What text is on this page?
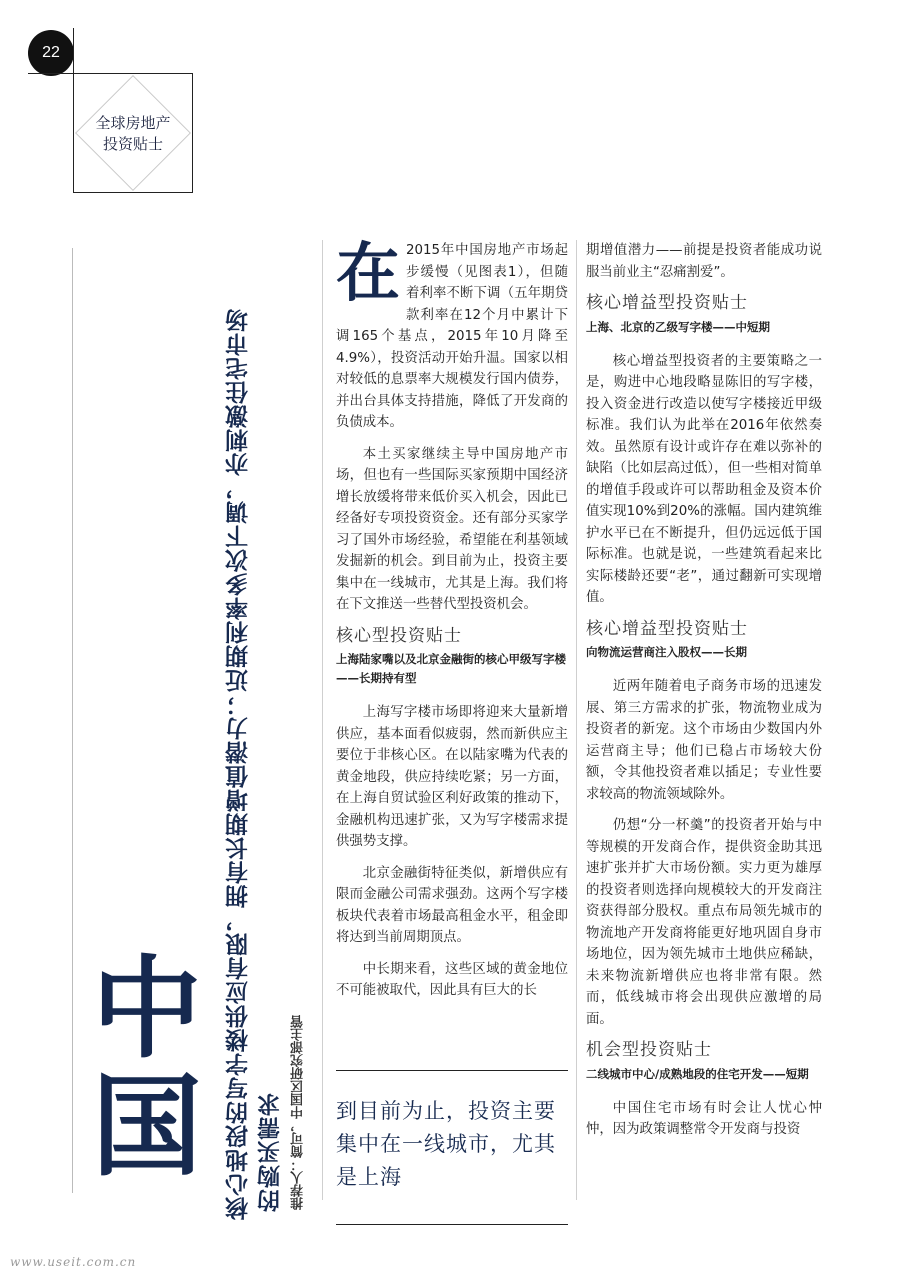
22
全球房地产
投资贴士
中国 核心地段的写字楼供应有限，拥有长期增值潜力；近期利率多次下调，亦刺激住宅市场 的购买需求 推荐人：简可，中国区研究部主管

在 2015年中国房地产市场起步缓慢（见图表1），但随着利率不断下调（五年期贷款利率在12个月中累计下调165个基点，2015年10月降至4.9%），投资活动开始升温。国家以相对较低的息票率大规模发行国内债券，并出台具体支持措施，降低了开发商的负债成本。

本土买家继续主导中国房地产市场，但也有一些国际买家预期中国经济增长放缓将带来低价买入机会，因此已经备好专项投资资金。还有部分买家学习了国外市场经验，希望能在利基领域发掘新的机会。到目前为止，投资主要集中在一线城市，尤其是上海。我们将在下文推送一些替代型投资机会。

核心型投资贴士
上海陆家嘴以及北京金融街的核心甲级写字楼——长期持有型

上海写字楼市场即将迎来大量新增供应，基本面看似疲弱，然而新供应主要位于非核心区。在以陆家嘴为代表的黄金地段，供应持续吃紧；另一方面，在上海自贸试验区利好政策的推动下，金融机构迅速扩张，又为写字楼需求提供强势支撑。

北京金融街特征类似，新增供应有限而金融公司需求强劲。这两个写字楼板块代表着市场最高租金水平，租金即将达到当前周期顶点。

中长期来看，这些区域的黄金地位不可能被取代，因此具有巨大的长

到目前为止，投资主要集中在一线城市，尤其是上海

期增值潜力——前提是投资者能成功说服当前业主“忍痛割爱”。

核心增益型投资贴士
上海、北京的乙级写字楼——中短期

核心增益型投资者的主要策略之一是，购进中心地段略显陈旧的写字楼，投入资金进行改造以使写字楼接近甲级标准。我们认为此举在2016年依然奏效。虽然原有设计或许存在难以弥补的缺陷（比如层高过低），但一些相对简单的增值手段或许可以帮助租金及资本价值实现10%到20%的涨幅。国内建筑维护水平已在不断提升，但仍远远低于国际标准。也就是说，一些建筑看起来比实际楼龄还要“老”，通过翻新可实现增值。

核心增益型投资贴士
向物流运营商注入股权——长期

近两年随着电子商务市场的迅速发展、第三方需求的扩张，物流物业成为投资者的新宠。这个市场由少数国内外运营商主导；他们已稳占市场较大份额，令其他投资者难以插足；专业性要求较高的物流领域除外。

仍想“分一杯羹”的投资者开始与中等规模的开发商合作，提供资金助其迅速扩张并扩大市场份额。实力更为雄厚的投资者则选择向规模较大的开发商注资获得部分股权。重点布局领先城市的物流地产开发商将能更好地巩固自身市场地位，因为领先城市土地供应稀缺，未来物流新增供应也将非常有限。然而，低线城市将会出现供应激增的局面。

机会型投资贴士
二线城市中心/成熟地段的住宅开发——短期

中国住宅市场有时会让人忧心忡忡，因为政策调整常令开发商与投资

www.useit.com.cn
